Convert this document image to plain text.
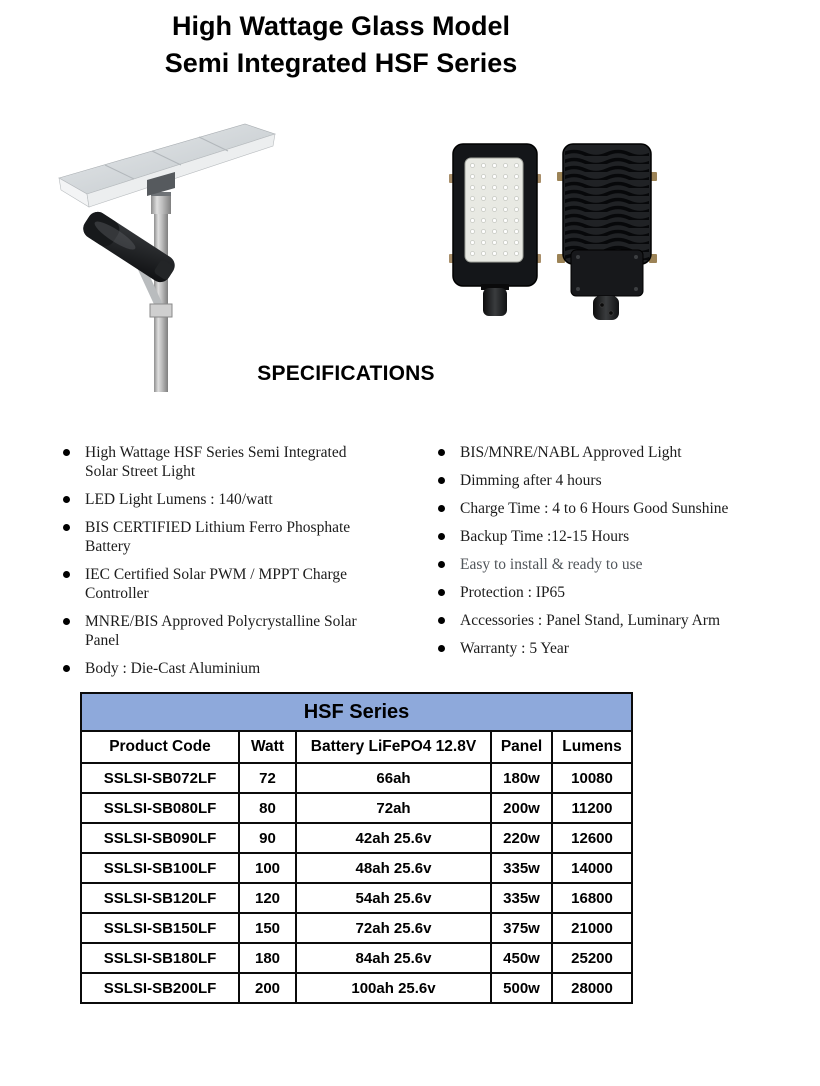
High Wattage Glass Model
Semi Integrated HSF Series
SPECIFICATIONS
High Wattage HSF Series Semi Integrated Solar Street Light
LED Light Lumens : 140/watt
BIS CERTIFIED Lithium Ferro Phosphate Battery
IEC Certified Solar PWM / MPPT Charge Controller
MNRE/BIS Approved Polycrystalline Solar Panel
Body : Die-Cast Aluminium
BIS/MNRE/NABL Approved Light
Dimming after 4 hours
Charge Time : 4 to 6 Hours Good Sunshine
Backup Time :12-15 Hours
Easy to install & ready to use
Protection : IP65
Accessories : Panel Stand, Luminary Arm
Warranty : 5 Year
HSF Series				
Product Code	Watt	Battery LiFePO4 12.8V	Panel	Lumens
SSLSI-SB072LF	72	66ah	180w	10080
SSLSI-SB080LF	80	72ah	200w	11200
SSLSI-SB090LF	90	42ah 25.6v	220w	12600
SSLSI-SB100LF	100	48ah 25.6v	335w	14000
SSLSI-SB120LF	120	54ah 25.6v	335w	16800
SSLSI-SB150LF	150	72ah 25.6v	375w	21000
SSLSI-SB180LF	180	84ah 25.6v	450w	25200
SSLSI-SB200LF	200	100ah 25.6v	500w	28000
